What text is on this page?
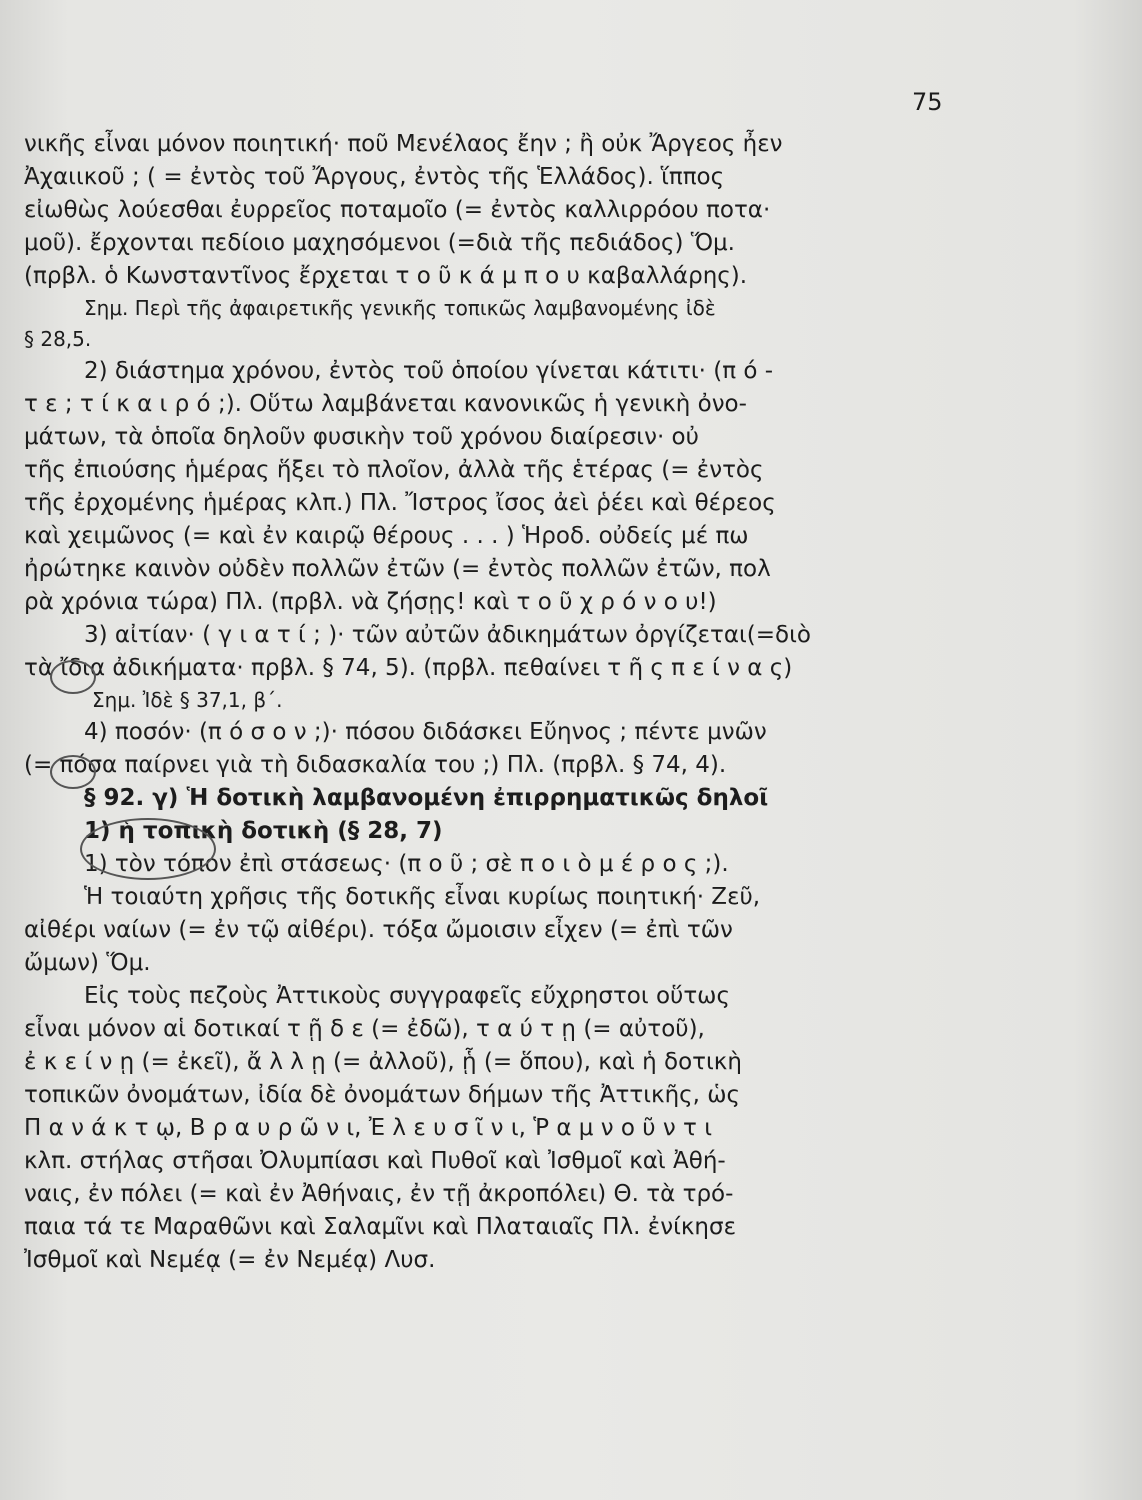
75
νικῆς εἶναι μόνον ποιητική· ποῦ Μενέλαος ἔην ; ἢ οὐκ Ἄργεος ἦεν
Ἀχαιικοῦ ; ( = ἐντὸς τοῦ Ἄργους, ἐντὸς τῆς Ἑλλάδος). ἵππος
εἰωθὼς λούεσθαι ἐυρρεῖος ποταμοῖο (= ἐντὸς καλλιρρόου ποτα·
μοῦ). ἔρχονται πεδίοιο μαχησόμενοι (=διὰ τῆς πεδιάδος) Ὅμ.
(πρβλ. ὁ Κωνσταντῖνος ἔρχεται τ ο ῦ κ ά μ π ο υ καβαλλάρης).
Σημ. Περὶ τῆς ἀφαιρετικῆς γενικῆς τοπικῶς λαμβανομένης ἰδὲ
§ 28,5.
2) διάστημα χρόνου, ἐντὸς τοῦ ὁποίου γίνεται κάτιτι· (π ό -
τ ε ; τ ί κ α ι ρ ό ;). Οὕτω λαμβάνεται κανονικῶς ἡ γενικὴ ὀνο-
μάτων, τὰ ὁποῖα δηλοῦν φυσικὴν τοῦ χρόνου διαίρεσιν· οὐ
τῆς ἐπιούσης ἡμέρας ἥξει τὸ πλοῖον, ἀλλὰ τῆς ἑτέρας (= ἐντὸς
τῆς ἐρχομένης ἡμέρας κλπ.) Πλ. Ἴστρος ἴσος ἀεὶ ῥέει καὶ θέρεος
καὶ χειμῶνος (= καὶ ἐν καιρῷ θέρους . . . ) Ἡροδ. οὐδείς μέ πω
ἠρώτηκε καινὸν οὐδὲν πολλῶν ἐτῶν (= ἐντὸς πολλῶν ἐτῶν, πολ
ρὰ χρόνια τώρα) Πλ. (πρβλ. νὰ ζήσῃς! καὶ τ ο ῦ χ ρ ό ν ο υ!)
3) αἰτίαν· ( γ ι α τ ί ; )· τῶν αὐτῶν ἀδικημάτων ὀργίζεται(=διὸ
τὰ ἴδια ἀδικήματα· πρβλ. § 74, 5). (πρβλ. πεθαίνει τ ῆ ς π ε ί ν α ς)
Σημ. Ἰδὲ § 37,1, β΄.
4) ποσόν· (π ό σ ο ν ;)· πόσου διδάσκει Εὔηνος ; πέντε μνῶν
(= πόσα παίρνει γιὰ τὴ διδασκαλία του ;) Πλ. (πρβλ. § 74, 4).
§ 92. γ) Ἡ δοτικὴ λαμβανομένη ἐπιρρηματικῶς δηλοῖ
1) ἡ τοπικὴ δοτικὴ (§ 28, 7)
1) τὸν τόπον ἐπὶ στάσεως· (π ο ῦ ; σὲ π ο ι ὸ μ έ ρ ο ς ;).
Ἡ τοιαύτη χρῆσις τῆς δοτικῆς εἶναι κυρίως ποιητική· Ζεῦ,
αἰθέρι ναίων (= ἐν τῷ αἰθέρι). τόξα ὤμοισιν εἶχεν (= ἐπὶ τῶν
ὤμων) Ὅμ.
Εἰς τοὺς πεζοὺς Ἀττικοὺς συγγραφεῖς εὔχρηστοι οὕτως
εἶναι μόνον αἱ δοτικαί τ ῇ δ ε (= ἐδῶ), τ α ύ τ ῃ (= αὐτοῦ),
ἐ κ ε ί ν ῃ (= ἐκεῖ), ἄ λ λ ῃ (= ἀλλοῦ), ᾗ (= ὅπου), καὶ ἡ δοτικὴ
τοπικῶν ὀνομάτων, ἰδία δὲ ὀνομάτων δήμων τῆς Ἀττικῆς, ὡς
Π α ν ά κ τ ῳ, Β ρ α υ ρ ῶ ν ι, Ἐ λ ε υ σ ῖ ν ι, Ῥ α μ ν ο ῦ ν τ ι
κλπ. στήλας στῆσαι Ὀλυμπίασι καὶ Πυθοῖ καὶ Ἰσθμοῖ καὶ Ἀθή-
ναις, ἐν πόλει (= καὶ ἐν Ἀθήναις, ἐν τῇ ἀκροπόλει) Θ. τὰ τρό-
παια τά τε Μαραθῶνι καὶ Σαλαμῖνι καὶ Πλαταιαῖς Πλ. ἐνίκησε
Ἰσθμοῖ καὶ Νεμέᾳ (= ἐν Νεμέᾳ) Λυσ.
